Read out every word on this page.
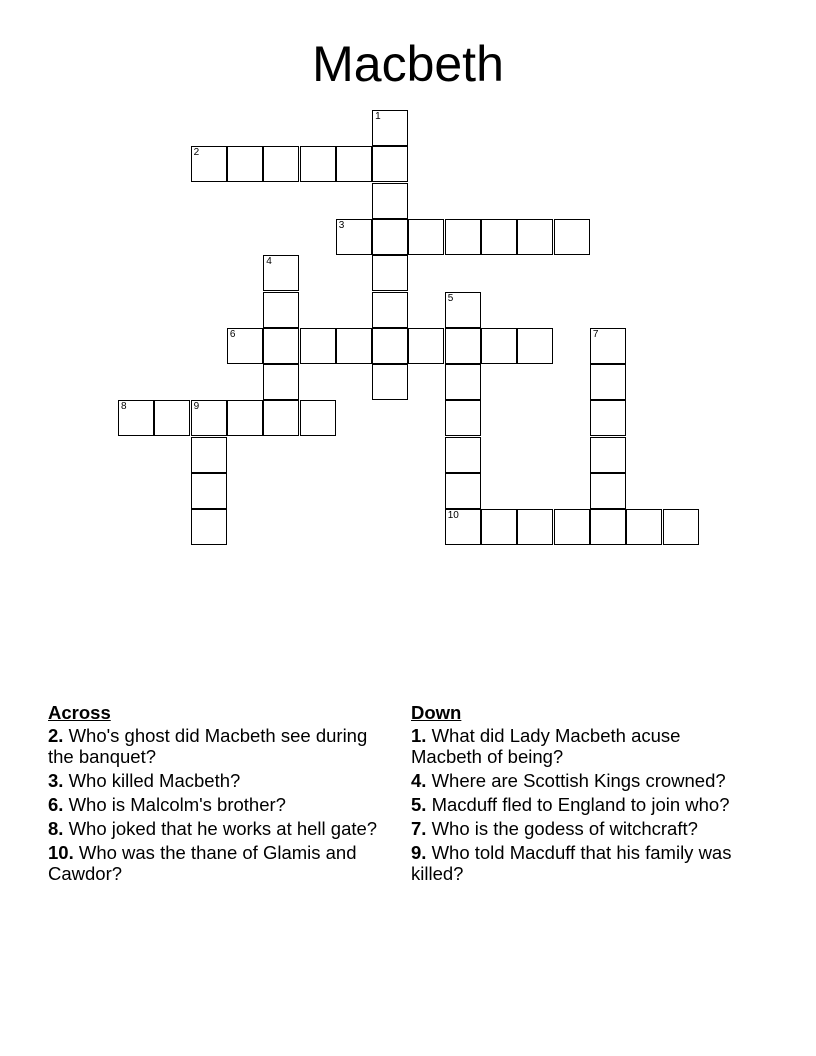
Macbeth
2
3
6
8	9
10
1
4
5
7
Across
2. Who's ghost did Macbeth see during the banquet?
3. Who killed Macbeth?
6. Who is Malcolm's brother?
8. Who joked that he works at hell gate?
10. Who was the thane of Glamis and Cawdor?
Down
1. What did Lady Macbeth acuse Macbeth of being?
4. Where are Scottish Kings crowned?
5. Macduff fled to England to join who?
7. Who is the godess of witchcraft?
9. Who told Macduff that his family was killed?
